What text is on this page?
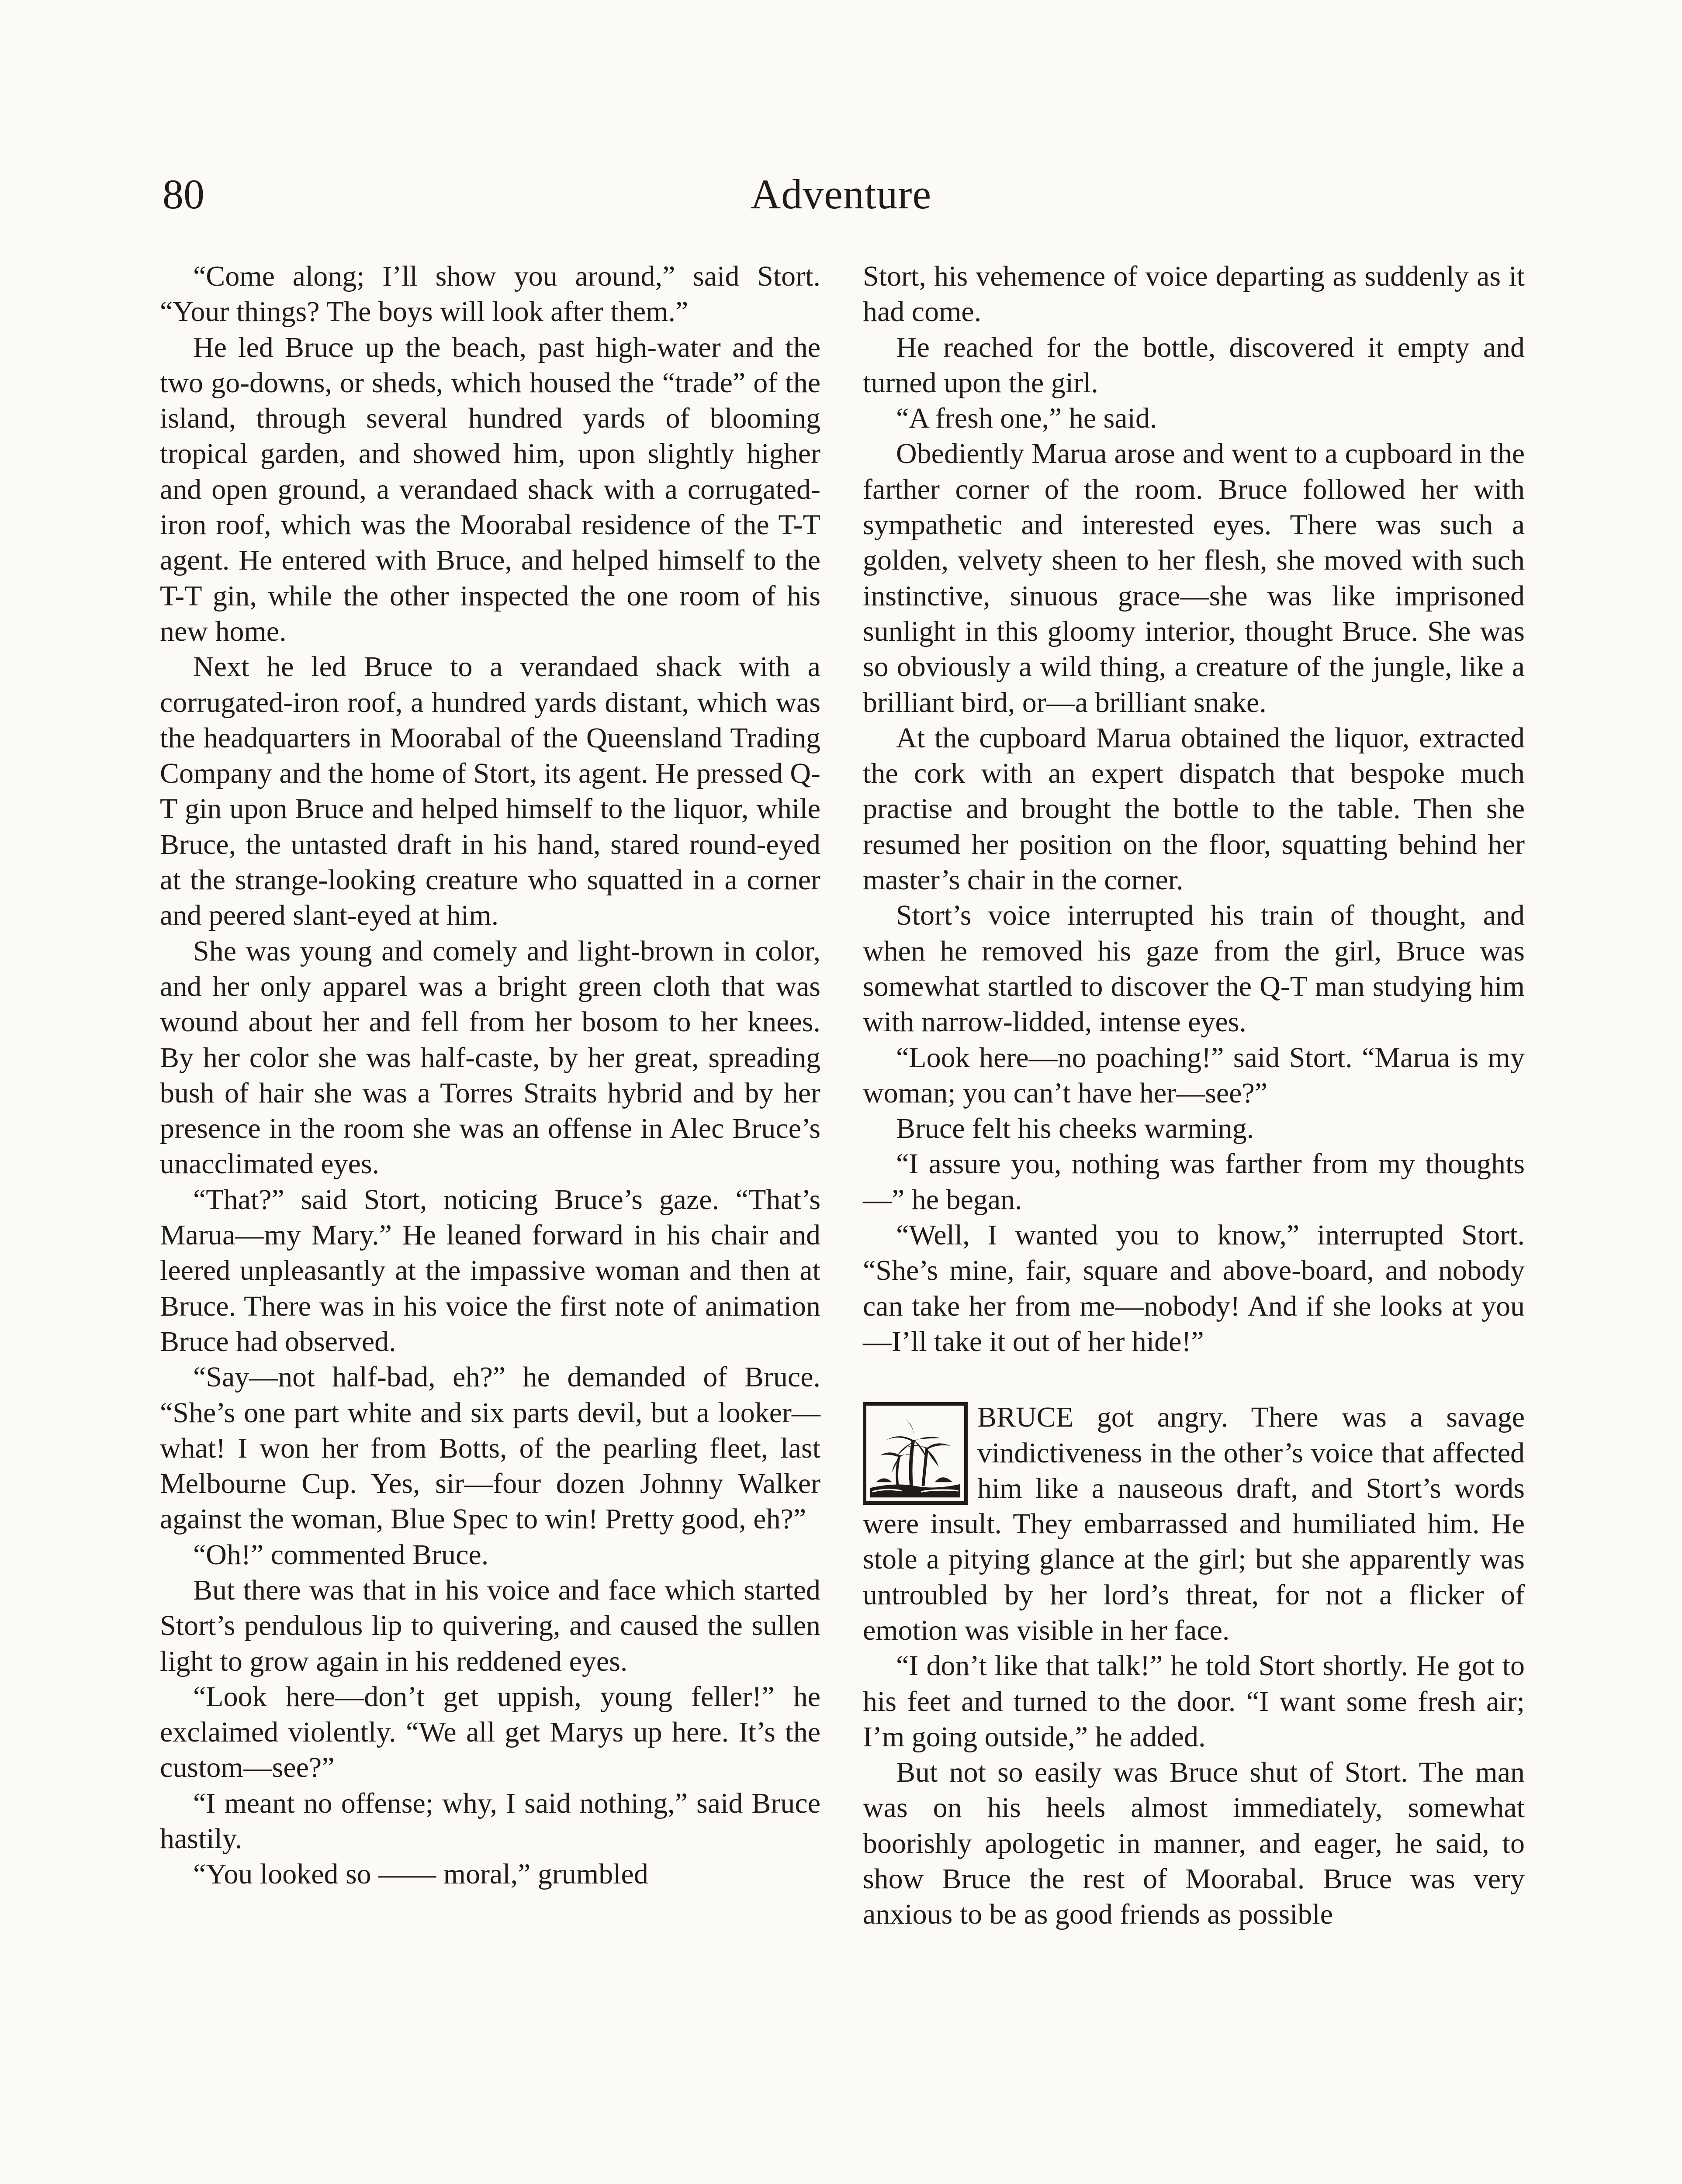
80	Adventure

“Come along; I’ll show you around,” said Stort. “Your things? The boys will look after them.”

He led Bruce up the beach, past high-water and the two go-downs, or sheds, which housed the “trade” of the island, through several hundred yards of blooming tropical garden, and showed him, upon slightly higher and open ground, a verandaed shack with a corrugated-iron roof, which was the Moorabal residence of the T-T agent. He entered with Bruce, and helped himself to the T-T gin, while the other inspected the one room of his new home.

Next he led Bruce to a verandaed shack with a corrugated-iron roof, a hundred yards distant, which was the headquarters in Moorabal of the Queensland Trading Company and the home of Stort, its agent. He pressed Q-T gin upon Bruce and helped himself to the liquor, while Bruce, the untasted draft in his hand, stared round-eyed at the strange-looking creature who squatted in a corner and peered slant-eyed at him.

She was young and comely and light-brown in color, and her only apparel was a bright green cloth that was wound about her and fell from her bosom to her knees. By her color she was half-caste, by her great, spreading bush of hair she was a Torres Straits hybrid and by her presence in the room she was an offense in Alec Bruce’s unacclimated eyes.

“That?” said Stort, noticing Bruce’s gaze. “That’s Marua—my Mary.” He leaned forward in his chair and leered unpleasantly at the impassive woman and then at Bruce. There was in his voice the first note of animation Bruce had observed.

“Say—not half-bad, eh?” he demanded of Bruce. “She’s one part white and six parts devil, but a looker—what! I won her from Botts, of the pearling fleet, last Melbourne Cup. Yes, sir—four dozen Johnny Walker against the woman, Blue Spec to win! Pretty good, eh?”

“Oh!” commented Bruce.

But there was that in his voice and face which started Stort’s pendulous lip to quivering, and caused the sullen light to grow again in his reddened eyes.

“Look here—don’t get uppish, young feller!” he exclaimed violently. “We all get Marys up here. It’s the custom—see?”

“I meant no offense; why, I said nothing,” said Bruce hastily.

“You looked so —— moral,” grumbled

Stort, his vehemence of voice departing as suddenly as it had come.

He reached for the bottle, discovered it empty and turned upon the girl.

“A fresh one,” he said.

Obediently Marua arose and went to a cupboard in the farther corner of the room. Bruce followed her with sympathetic and interested eyes. There was such a golden, velvety sheen to her flesh, she moved with such instinctive, sinuous grace—she was like imprisoned sunlight in this gloomy interior, thought Bruce. She was so obviously a wild thing, a creature of the jungle, like a brilliant bird, or—a brilliant snake.

At the cupboard Marua obtained the liquor, extracted the cork with an expert dispatch that bespoke much practise and brought the bottle to the table. Then she resumed her position on the floor, squatting behind her master’s chair in the corner.

Stort’s voice interrupted his train of thought, and when he removed his gaze from the girl, Bruce was somewhat startled to discover the Q-T man studying him with narrow-lidded, intense eyes.

“Look here—no poaching!” said Stort. “Marua is my woman; you can’t have her—see?”

Bruce felt his cheeks warming.

“I assure you, nothing was farther from my thoughts—” he began.

“Well, I wanted you to know,” interrupted Stort. “She’s mine, fair, square and above-board, and nobody can take her from me—nobody! And if she looks at you—I’ll take it out of her hide!”

BRUCE got angry. There was a savage vindictiveness in the other’s voice that affected him like a nauseous draft, and Stort’s words were insult. They embarrassed and humiliated him. He stole a pitying glance at the girl; but she apparently was untroubled by her lord’s threat, for not a flicker of emotion was visible in her face.

“I don’t like that talk!” he told Stort shortly. He got to his feet and turned to the door. “I want some fresh air; I’m going outside,” he added.

But not so easily was Bruce shut of Stort. The man was on his heels almost immediately, somewhat boorishly apologetic in manner, and eager, he said, to show Bruce the rest of Moorabal. Bruce was very anxious to be as good friends as possible
